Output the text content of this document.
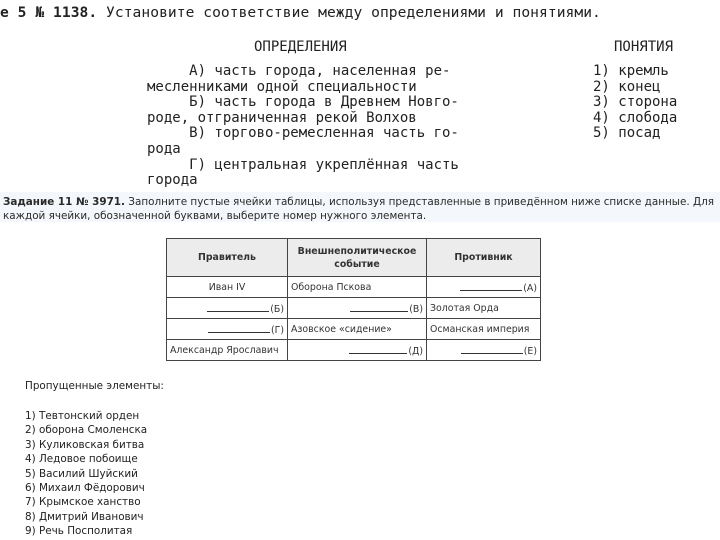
е 5 № 1138. Установите соответствие между определениями и понятиями.
ОПРЕДЕЛЕНИЯ	ПОНЯТИЯ
А) часть города, населенная ре-
месленниками одной специальности
Б) часть города в Древнем Новго-
роде, отграниченная рекой Волхов
В) торгово-ремесленная часть го-
рода
Г) центральная укреплённая часть
города
1) кремль
2) конец
3) сторона
4) слобода
5) посад
Задание 11 № 3971. Заполните пустые ячейки таблицы, используя представленные в приведённом ниже списке данные. Для каждой ячейки, обозначенной буквами, выберите номер нужного элемента.
Правитель	Внешнеполитическое событие	Противник
Иван IV	Оборона Пскова	(А)
(Б)	(В)	Золотая Орда
(Г)	Азовское «сидение»	Османская империя
Александр Ярославич	(Д)	(Е)
Пропущенные элементы:
1) Тевтонский орден
2) оборона Смоленска
3) Куликовская битва
4) Ледовое побоище
5) Василий Шуйский
6) Михаил Фёдорович
7) Крымское ханство
8) Дмитрий Иванович
9) Речь Посполитая
